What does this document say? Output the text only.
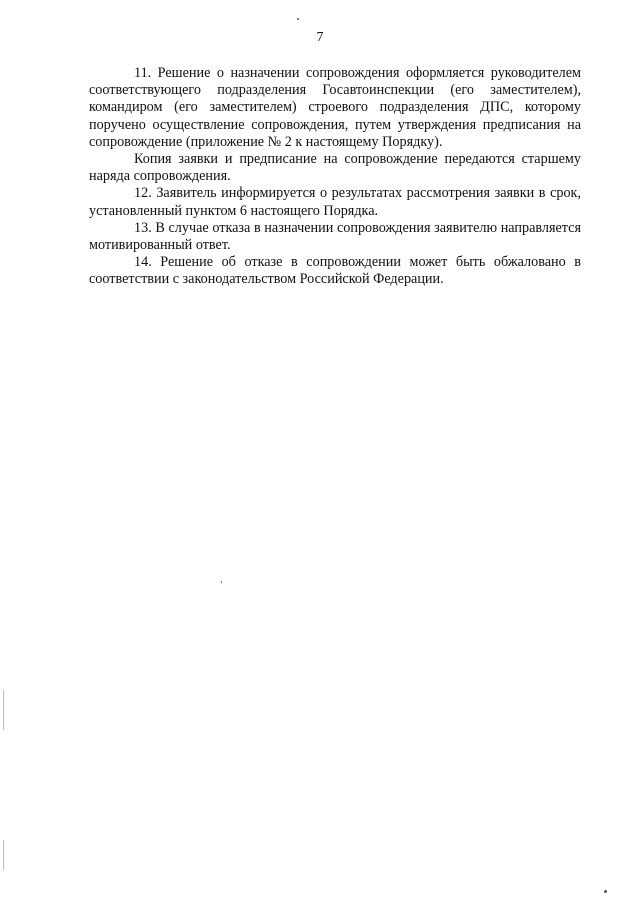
7

11. Решение о назначении сопровождения оформляется руководителем соответствующего подразделения Госавтоинспекции (его заместителем), командиром (его заместителем) строевого подразделения ДПС, которому поручено осуществление сопровождения, путем утверждения предписания на сопровождение (приложение № 2 к настоящему Порядку).

Копия заявки и предписание на сопровождение передаются старшему наряда сопровождения.

12. Заявитель информируется о результатах рассмотрения заявки в срок, установленный пунктом 6 настоящего Порядка.

13. В случае отказа в назначении сопровождения заявителю направляется мотивированный ответ.

14. Решение об отказе в сопровождении может быть обжаловано в соответствии с законодательством Российской Федерации.
